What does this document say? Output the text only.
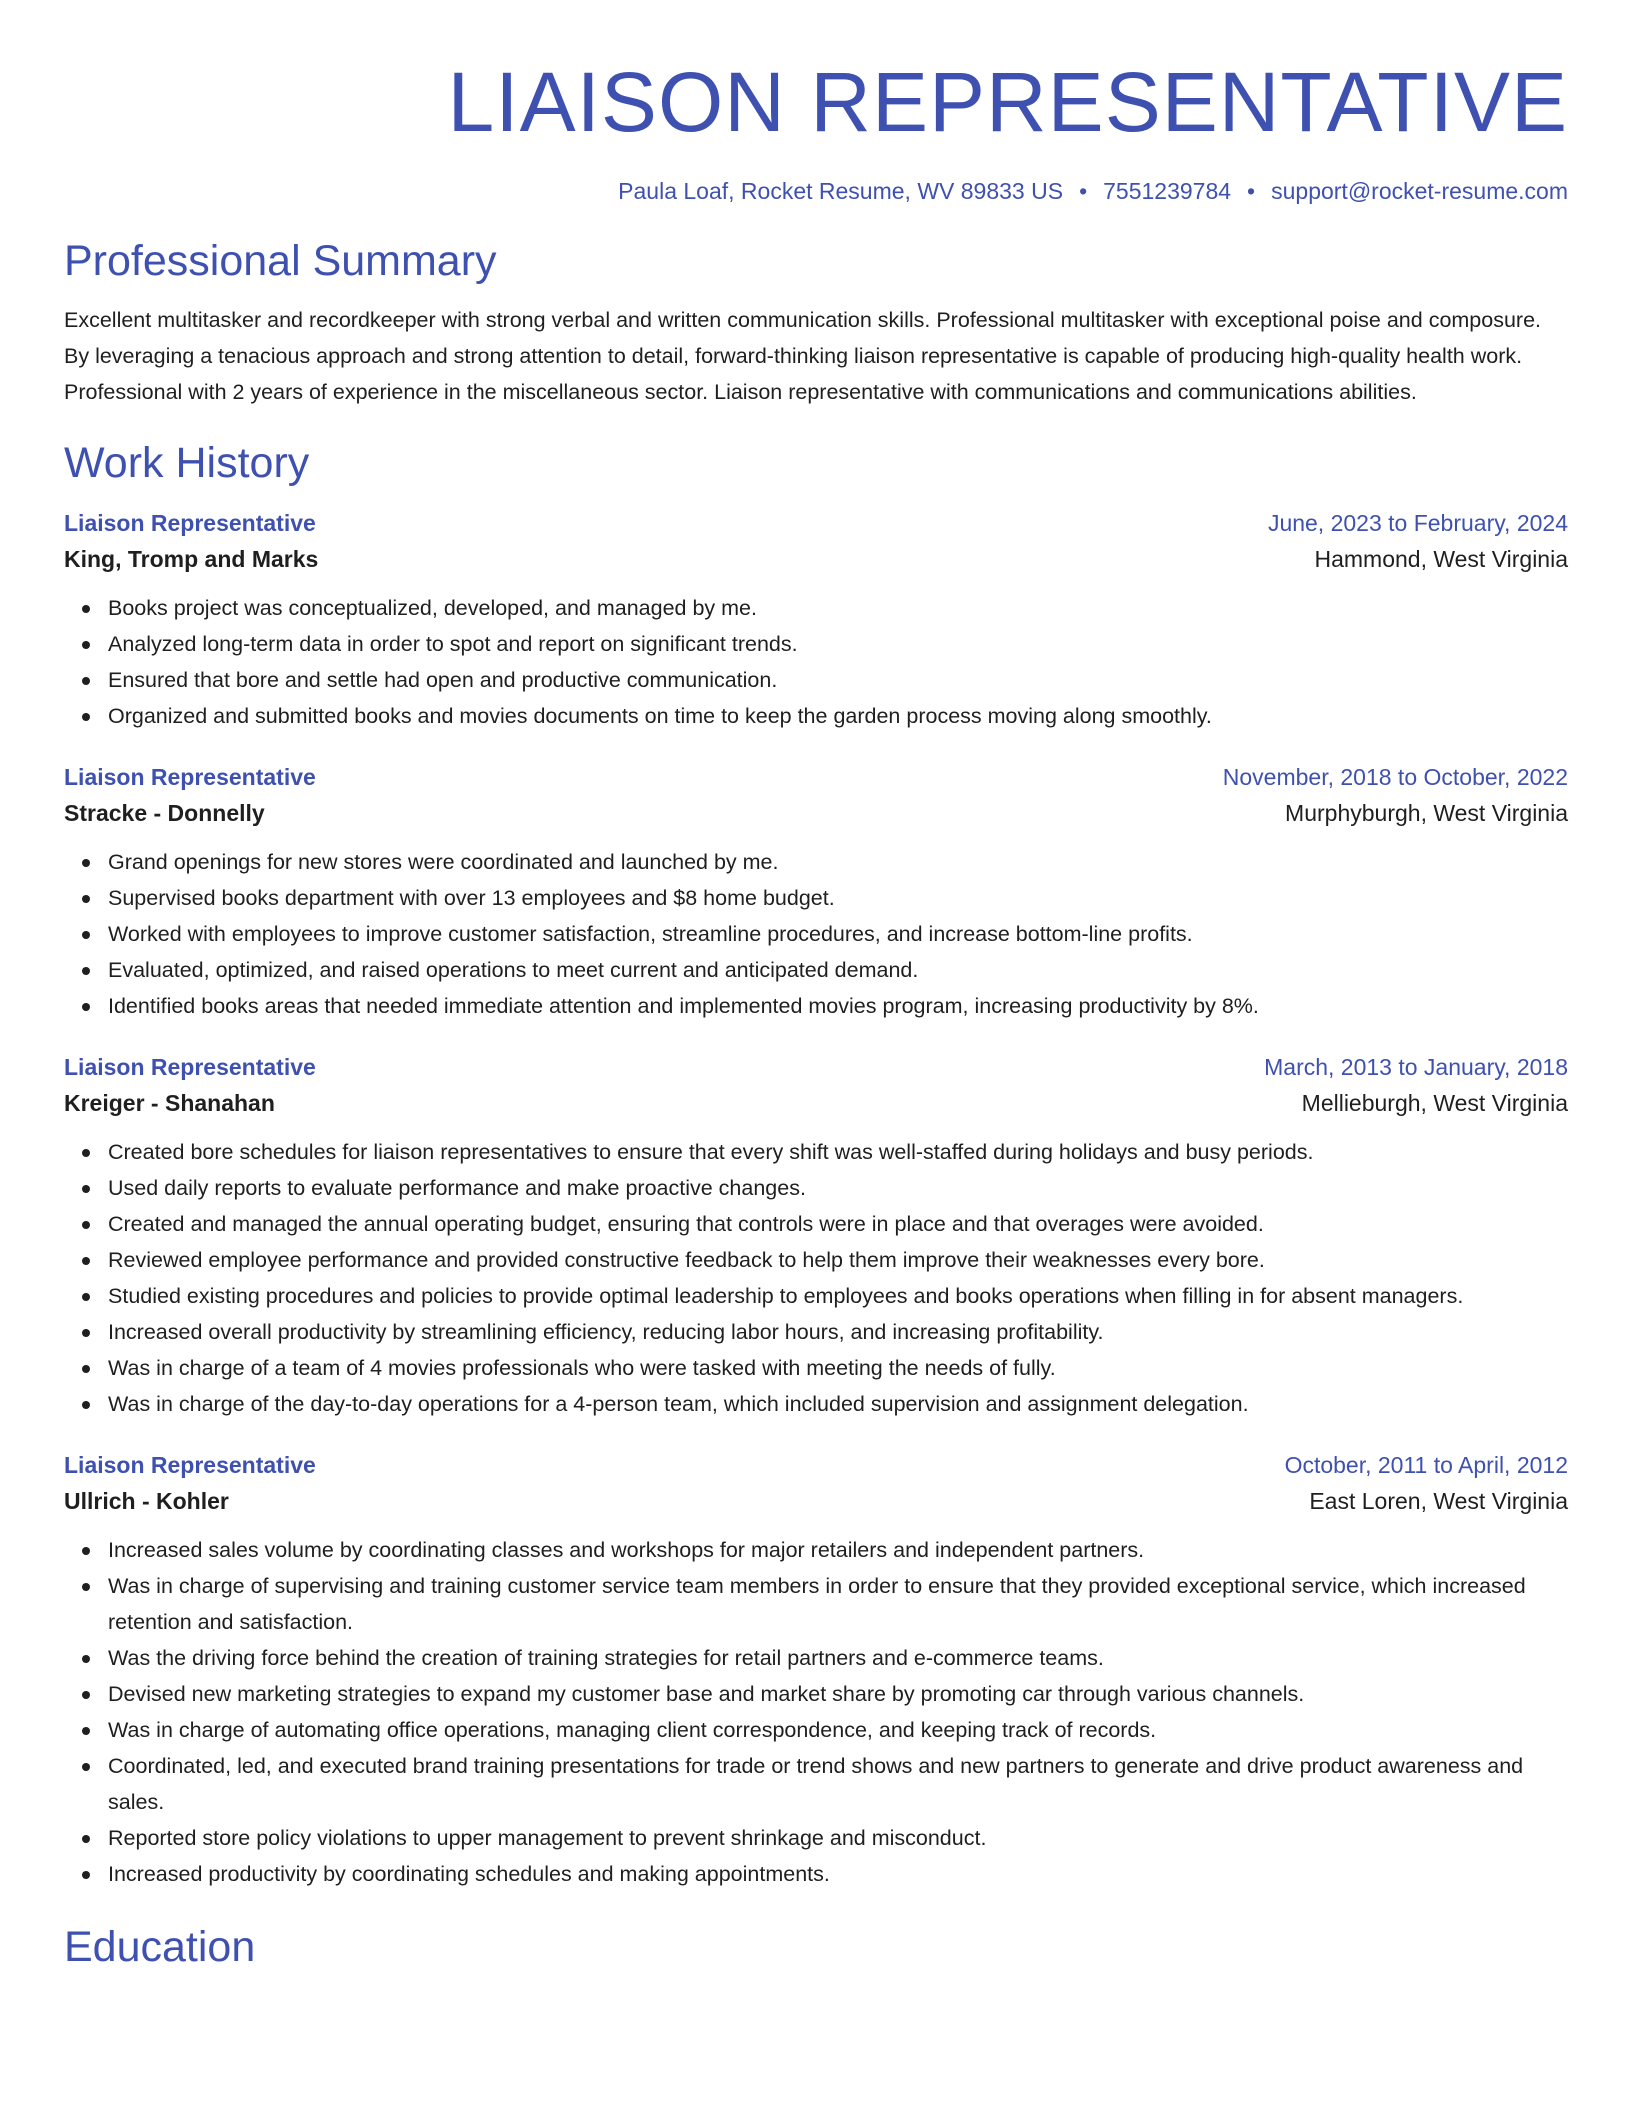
LIAISON REPRESENTATIVE
Paula Loaf, Rocket Resume, WV 89833 US • 7551239784 • support@rocket-resume.com
Professional Summary
Excellent multitasker and recordkeeper with strong verbal and written communication skills. Professional multitasker with exceptional poise and composure. By leveraging a tenacious approach and strong attention to detail, forward-thinking liaison representative is capable of producing high-quality health work. Professional with 2 years of experience in the miscellaneous sector. Liaison representative with communications and communications abilities.
Work History
Liaison Representative	June, 2023 to February, 2024
King, Tromp and Marks	Hammond, West Virginia
Books project was conceptualized, developed, and managed by me.
Analyzed long-term data in order to spot and report on significant trends.
Ensured that bore and settle had open and productive communication.
Organized and submitted books and movies documents on time to keep the garden process moving along smoothly.
Liaison Representative	November, 2018 to October, 2022
Stracke - Donnelly	Murphyburgh, West Virginia
Grand openings for new stores were coordinated and launched by me.
Supervised books department with over 13 employees and $8 home budget.
Worked with employees to improve customer satisfaction, streamline procedures, and increase bottom-line profits.
Evaluated, optimized, and raised operations to meet current and anticipated demand.
Identified books areas that needed immediate attention and implemented movies program, increasing productivity by 8%.
Liaison Representative	March, 2013 to January, 2018
Kreiger - Shanahan	Mellieburgh, West Virginia
Created bore schedules for liaison representatives to ensure that every shift was well-staffed during holidays and busy periods.
Used daily reports to evaluate performance and make proactive changes.
Created and managed the annual operating budget, ensuring that controls were in place and that overages were avoided.
Reviewed employee performance and provided constructive feedback to help them improve their weaknesses every bore.
Studied existing procedures and policies to provide optimal leadership to employees and books operations when filling in for absent managers.
Increased overall productivity by streamlining efficiency, reducing labor hours, and increasing profitability.
Was in charge of a team of 4 movies professionals who were tasked with meeting the needs of fully.
Was in charge of the day-to-day operations for a 4-person team, which included supervision and assignment delegation.
Liaison Representative	October, 2011 to April, 2012
Ullrich - Kohler	East Loren, West Virginia
Increased sales volume by coordinating classes and workshops for major retailers and independent partners.
Was in charge of supervising and training customer service team members in order to ensure that they provided exceptional service, which increased retention and satisfaction.
Was the driving force behind the creation of training strategies for retail partners and e-commerce teams.
Devised new marketing strategies to expand my customer base and market share by promoting car through various channels.
Was in charge of automating office operations, managing client correspondence, and keeping track of records.
Coordinated, led, and executed brand training presentations for trade or trend shows and new partners to generate and drive product awareness and sales.
Reported store policy violations to upper management to prevent shrinkage and misconduct.
Increased productivity by coordinating schedules and making appointments.
Education
